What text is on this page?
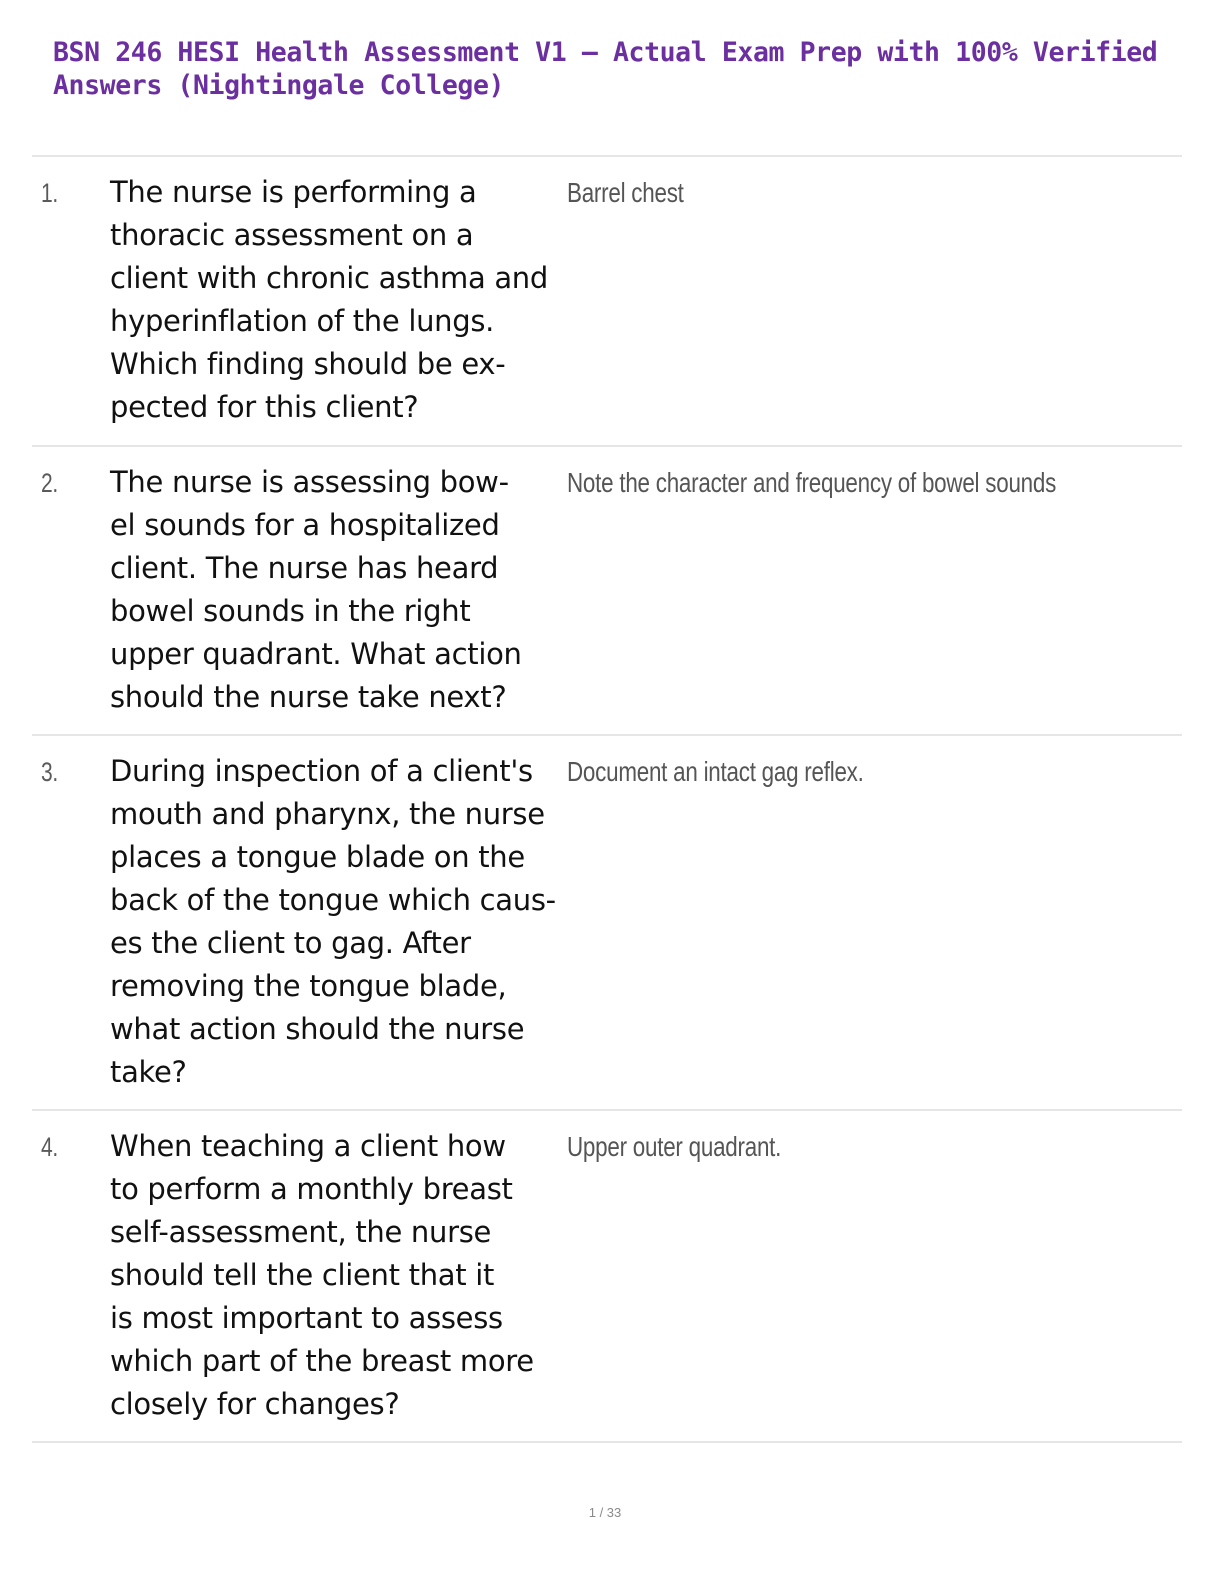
BSN 246 HESI Health Assessment V1 – Actual Exam Prep with 100% Verified
Answers (Nightingale College)
1. The nurse is performing a
thoracic assessment on a
client with chronic asthma and
hyperinflation of the lungs.
Which finding should be ex-
pected for this client?
Barrel chest
2. The nurse is assessing bow-
el sounds for a hospitalized
client. The nurse has heard
bowel sounds in the right
upper quadrant. What action
should the nurse take next?
Note the character and frequency of bowel sounds
3. During inspection of a client's
mouth and pharynx, the nurse
places a tongue blade on the
back of the tongue which caus-
es the client to gag. After
removing the tongue blade,
what action should the nurse
take?
Document an intact gag reflex.
4. When teaching a client how
to perform a monthly breast
self-assessment, the nurse
should tell the client that it
is most important to assess
which part of the breast more
closely for changes?
Upper outer quadrant.
1 / 33
